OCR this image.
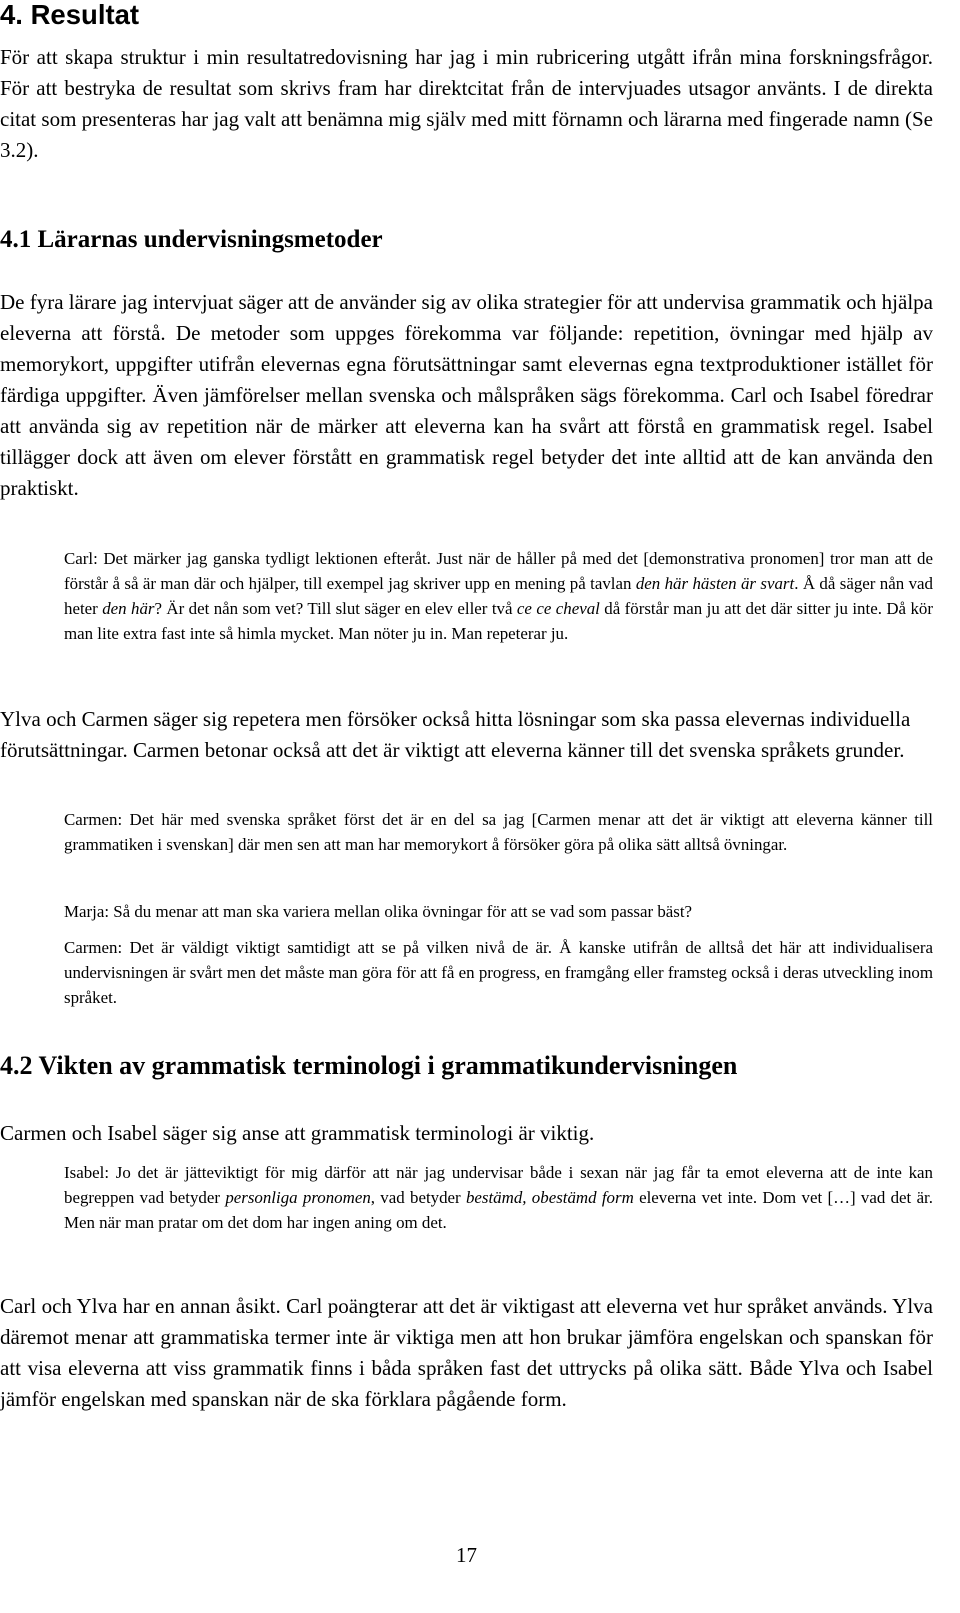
4. Resultat

För att skapa struktur i min resultatredovisning har jag i min rubricering utgått ifrån mina forskningsfrågor. För att bestryka de resultat som skrivs fram har direktcitat från de intervjuades utsagor använts. I de direkta citat som presenteras har jag valt att benämna mig själv med mitt förnamn och lärarna med fingerade namn (Se 3.2).

4.1 Lärarnas undervisningsmetoder

De fyra lärare jag intervjuat säger att de använder sig av olika strategier för att undervisa grammatik och hjälpa eleverna att förstå. De metoder som uppges förekomma var följande: repetition, övningar med hjälp av memorykort, uppgifter utifrån elevernas egna förutsättningar samt elevernas egna textproduktioner istället för färdiga uppgifter. Även jämförelser mellan svenska och målspråken sägs förekomma. Carl och Isabel föredrar att använda sig av repetition när de märker att eleverna kan ha svårt att förstå en grammatisk regel. Isabel tillägger dock att även om elever förstått en grammatisk regel betyder det inte alltid att de kan använda den praktiskt.

Carl: Det märker jag ganska tydligt lektionen efteråt. Just när de håller på med det [demonstrativa pronomen] tror man att de förstår å så är man där och hjälper, till exempel jag skriver upp en mening på tavlan den här hästen är svart. Å då säger nån vad heter den här? Är det nån som vet? Till slut säger en elev eller två ce ce cheval då förstår man ju att det där sitter ju inte. Då kör man lite extra fast inte så himla mycket. Man nöter ju in. Man repeterar ju.

Ylva och Carmen säger sig repetera men försöker också hitta lösningar som ska passa elevernas individuella förutsättningar. Carmen betonar också att det är viktigt att eleverna känner till det svenska språkets grunder.

Carmen: Det här med svenska språket först det är en del sa jag [Carmen menar att det är viktigt att eleverna känner till grammatiken i svenskan] där men sen att man har memorykort å försöker göra på olika sätt alltså övningar.

Marja: Så du menar att man ska variera mellan olika övningar för att se vad som passar bäst?

Carmen: Det är väldigt viktigt samtidigt att se på vilken nivå de är. Å kanske utifrån de alltså det här att individualisera undervisningen är svårt men det måste man göra för att få en progress, en framgång eller framsteg också i deras utveckling inom språket.

4.2 Vikten av grammatisk terminologi i grammatikundervisningen

Carmen och Isabel säger sig anse att grammatisk terminologi är viktig.

Isabel: Jo det är jätteviktigt för mig därför att när jag undervisar både i sexan när jag får ta emot eleverna att de inte kan begreppen vad betyder personliga pronomen, vad betyder bestämd, obestämd form eleverna vet inte. Dom vet […] vad det är. Men när man pratar om det dom har ingen aning om det.

Carl och Ylva har en annan åsikt. Carl poängterar att det är viktigast att eleverna vet hur språket används. Ylva däremot menar att grammatiska termer inte är viktiga men att hon brukar jämföra engelskan och spanskan för att visa eleverna att viss grammatik finns i båda språken fast det uttrycks på olika sätt. Både Ylva och Isabel jämför engelskan med spanskan när de ska förklara pågående form.

17
